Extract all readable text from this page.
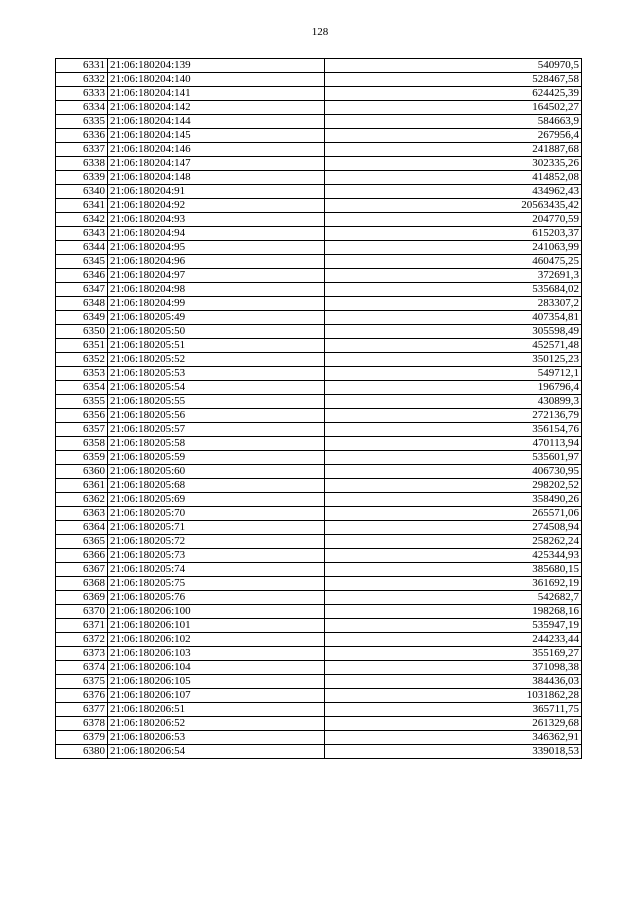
128
6331	21:06:180204:139	540970,5
6332	21:06:180204:140	528467,58
6333	21:06:180204:141	624425,39
6334	21:06:180204:142	164502,27
6335	21:06:180204:144	584663,9
6336	21:06:180204:145	267956,4
6337	21:06:180204:146	241887,68
6338	21:06:180204:147	302335,26
6339	21:06:180204:148	414852,08
6340	21:06:180204:91	434962,43
6341	21:06:180204:92	20563435,42
6342	21:06:180204:93	204770,59
6343	21:06:180204:94	615203,37
6344	21:06:180204:95	241063,99
6345	21:06:180204:96	460475,25
6346	21:06:180204:97	372691,3
6347	21:06:180204:98	535684,02
6348	21:06:180204:99	283307,2
6349	21:06:180205:49	407354,81
6350	21:06:180205:50	305598,49
6351	21:06:180205:51	452571,48
6352	21:06:180205:52	350125,23
6353	21:06:180205:53	549712,1
6354	21:06:180205:54	196796,4
6355	21:06:180205:55	430899,3
6356	21:06:180205:56	272136,79
6357	21:06:180205:57	356154,76
6358	21:06:180205:58	470113,94
6359	21:06:180205:59	535601,97
6360	21:06:180205:60	406730,95
6361	21:06:180205:68	298202,52
6362	21:06:180205:69	358490,26
6363	21:06:180205:70	265571,06
6364	21:06:180205:71	274508,94
6365	21:06:180205:72	258262,24
6366	21:06:180205:73	425344,93
6367	21:06:180205:74	385680,15
6368	21:06:180205:75	361692,19
6369	21:06:180205:76	542682,7
6370	21:06:180206:100	198268,16
6371	21:06:180206:101	535947,19
6372	21:06:180206:102	244233,44
6373	21:06:180206:103	355169,27
6374	21:06:180206:104	371098,38
6375	21:06:180206:105	384436,03
6376	21:06:180206:107	1031862,28
6377	21:06:180206:51	365711,75
6378	21:06:180206:52	261329,68
6379	21:06:180206:53	346362,91
6380	21:06:180206:54	339018,53
